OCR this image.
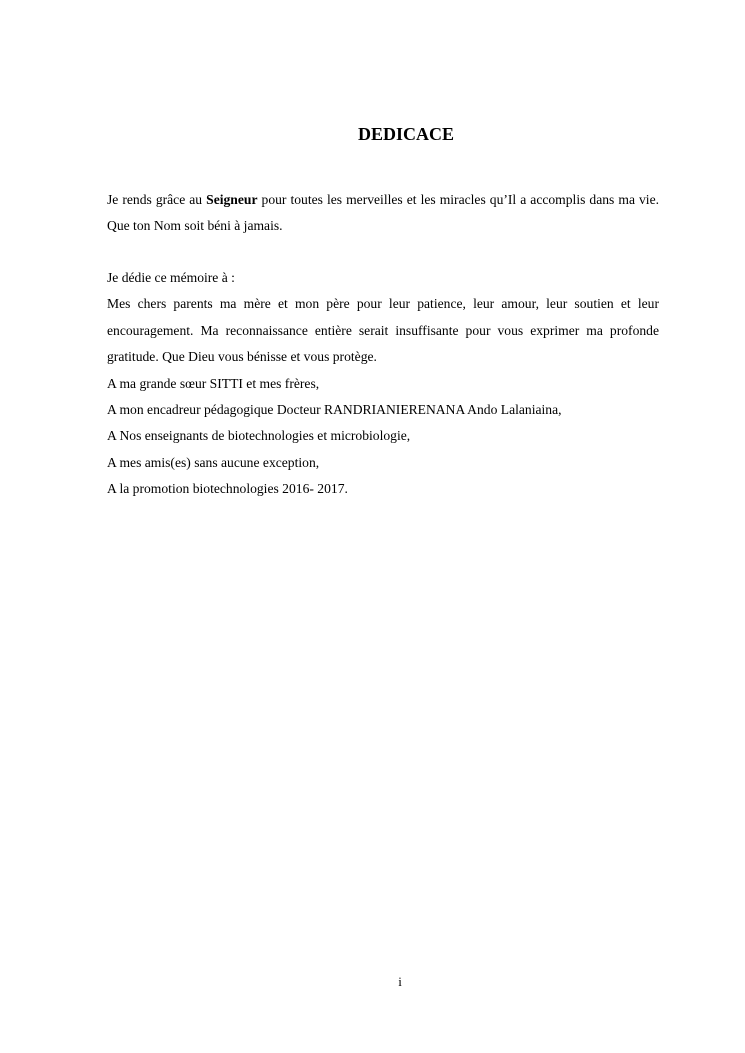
DEDICACE
Je rends grâce au Seigneur pour toutes les merveilles et les miracles qu’Il a accomplis dans ma vie. Que ton Nom soit béni à jamais.
Je dédie ce mémoire à :
Mes chers parents ma mère et mon père pour leur patience, leur amour, leur soutien et leur encouragement. Ma reconnaissance entière serait insuffisante pour vous exprimer ma profonde gratitude. Que Dieu vous bénisse et vous protège.
A ma grande sœur SITTI et mes frères,
A mon encadreur pédagogique Docteur RANDRIANIERENANA Ando Lalaniaina,
A Nos enseignants de biotechnologies et microbiologie,
A mes amis(es) sans aucune exception,
A la promotion biotechnologies 2016- 2017.
i
